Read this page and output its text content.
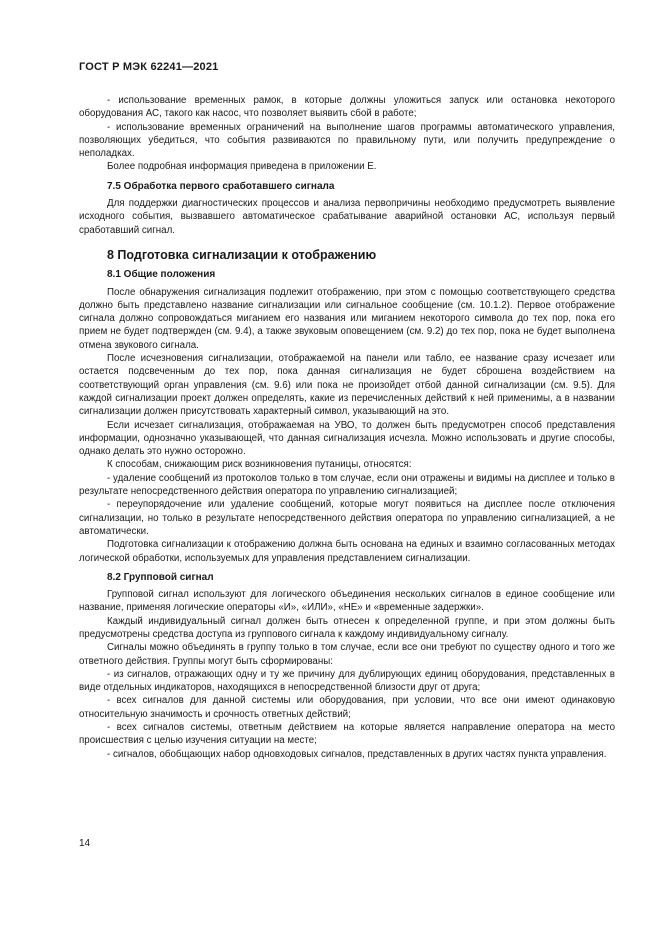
ГОСТ Р МЭК 62241—2021

- использование временных рамок, в которые должны уложиться запуск или остановка некоторого оборудования АС, такого как насос, что позволяет выявить сбой в работе;

- использование временных ограничений на выполнение шагов программы автоматического управления, позволяющих убедиться, что события развиваются по правильному пути, или получить предупреждение о неполадках.

Более подробная информация приведена в приложении Е.

7.5 Обработка первого сработавшего сигнала

Для поддержки диагностических процессов и анализа первопричины необходимо предусмотреть выявление исходного события, вызвавшего автоматическое срабатывание аварийной остановки АС, используя первый сработавший сигнал.

8 Подготовка сигнализации к отображению
8.1 Общие положения

После обнаружения сигнализация подлежит отображению, при этом с помощью соответствующего средства должно быть представлено название сигнализации или сигнальное сообщение (см. 10.1.2). Первое отображение сигнала должно сопровождаться миганием его названия или миганием некоторого символа до тех пор, пока его прием не будет подтвержден (см. 9.4), а также звуковым оповещением (см. 9.2) до тех пор, пока не будет выполнена отмена звукового сигнала.

После исчезновения сигнализации, отображаемой на панели или табло, ее название сразу исчезает или остается подсвеченным до тех пор, пока данная сигнализация не будет сброшена воздействием на соответствующий орган управления (см. 9.6) или пока не произойдет отбой данной сигнализации (см. 9.5). Для каждой сигнализации проект должен определять, какие из перечисленных действий к ней применимы, а в названии сигнализации должен присутствовать характерный символ, указывающий на это.

Если исчезает сигнализация, отображаемая на УВО, то должен быть предусмотрен способ представления информации, однозначно указывающей, что данная сигнализация исчезла. Можно использовать и другие способы, однако делать это нужно осторожно.

К способам, снижающим риск возникновения путаницы, относятся:

- удаление сообщений из протоколов только в том случае, если они отражены и видимы на дисплее и только в результате непосредственного действия оператора по управлению сигнализацией;

- переупорядочение или удаление сообщений, которые могут появиться на дисплее после отключения сигнализации, но только в результате непосредственного действия оператора по управлению сигнализацией, а не автоматически.

Подготовка сигнализации к отображению должна быть основана на единых и взаимно согласованных методах логической обработки, используемых для управления представлением сигнализации.

8.2 Групповой сигнал

Групповой сигнал используют для логического объединения нескольких сигналов в единое сообщение или название, применяя логические операторы «И», «ИЛИ», «НЕ» и «временные задержки».

Каждый индивидуальный сигнал должен быть отнесен к определенной группе, и при этом должны быть предусмотрены средства доступа из группового сигнала к каждому индивидуальному сигналу.

Сигналы можно объединять в группу только в том случае, если все они требуют по существу одного и того же ответного действия. Группы могут быть сформированы:

- из сигналов, отражающих одну и ту же причину для дублирующих единиц оборудования, представленных в виде отдельных индикаторов, находящихся в непосредственной близости друг от друга;

- всех сигналов для данной системы или оборудования, при условии, что все они имеют одинаковую относительную значимость и срочность ответных действий;

- всех сигналов системы, ответным действием на которые является направление оператора на место происшествия с целью изучения ситуации на месте;

- сигналов, обобщающих набор одновходовых сигналов, представленных в других частях пункта управления.

14
